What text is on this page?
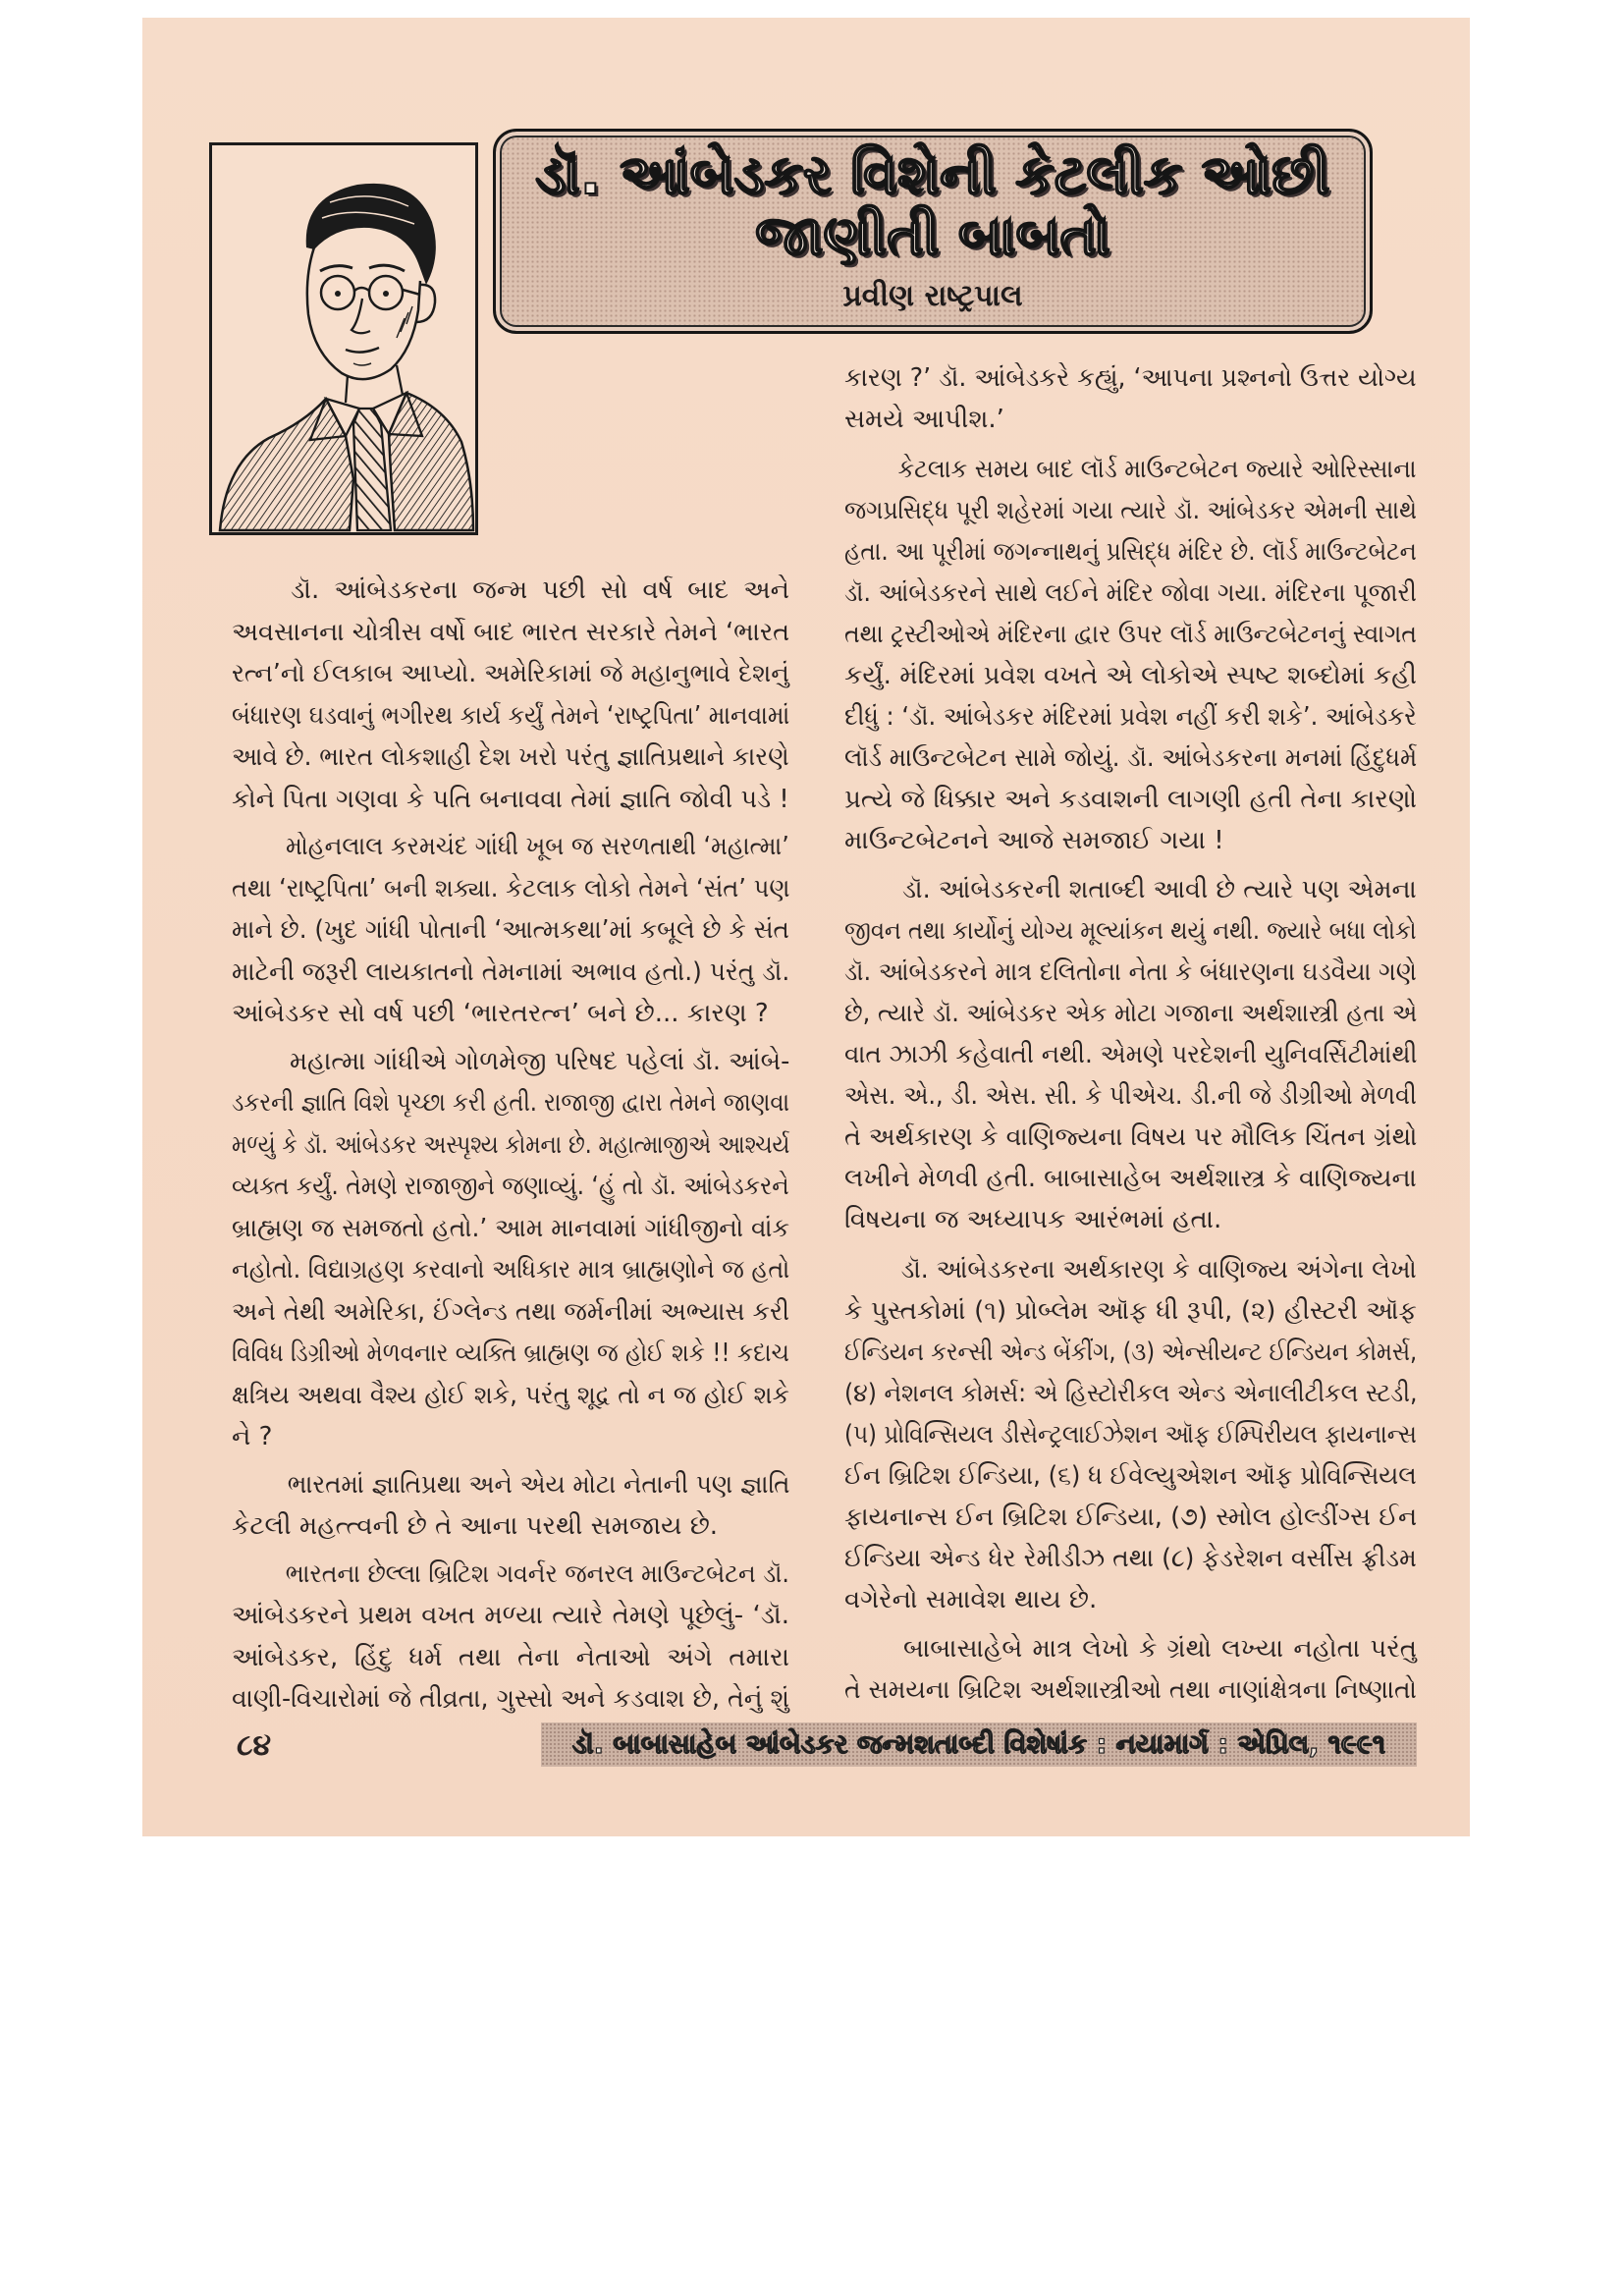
ડૉ. આંબેડકર વિશેની કેટલીક ઓછી
જાણીતી બાબતો
પ્રવીણ રાષ્ટ્રપાલ
ડૉ. આંબેડકરના જન્મ પછી સો વર્ષ બાદ અને
અવસાનના ચોત્રીસ વર્ષો બાદ ભારત સરકારે તેમને ‘ભારત
રત્ન’નો ઈલકાબ આપ્યો. અમેરિકામાં જે મહાનુભાવે દેશનું
બંધારણ ઘડવાનું ભગીરથ કાર્ય કર્યું તેમને ‘રાષ્ટ્રપિતા’ માનવામાં
આવે છે. ભારત લોકશાહી દેશ ખરો પરંતુ જ્ઞાતિપ્રથાને કારણે
કોને પિતા ગણવા કે પતિ બનાવવા તેમાં જ્ઞાતિ જોવી પડે !
મોહનલાલ કરમચંદ ગાંધી ખૂબ જ સરળતાથી ‘મહાત્મા’
તથા ‘રાષ્ટ્રપિતા’ બની શક્યા. કેટલાક લોકો તેમને ‘સંત’ પણ
માને છે. (ખુદ ગાંધી પોતાની ‘આત્મકથા’માં કબૂલે છે કે સંત
માટેની જરૂરી લાયકાતનો તેમનામાં અભાવ હતો.) પરંતુ ડૉ.
આંબેડકર સો વર્ષ પછી ‘ભારતરત્ન’ બને છે... કારણ ?
મહાત્મા ગાંધીએ ગોળમેજી પરિષદ પહેલાં ડૉ. આંબે-
ડકરની જ્ઞાતિ વિશે પૃચ્છા કરી હતી. રાજાજી દ્વારા તેમને જાણવા
મળ્યું કે ડૉ. આંબેડકર અસ્પૃશ્ય કોમના છે. મહાત્માજીએ આશ્ચર્ય
વ્યક્ત કર્યું. તેમણે રાજાજીને જણાવ્યું. ‘હું તો ડૉ. આંબેડકરને
બ્રાહ્મણ જ સમજતો હતો.’ આમ માનવામાં ગાંધીજીનો વાંક
નહોતો. વિદ્યાગ્રહણ કરવાનો અધિકાર માત્ર બ્રાહ્મણોને જ હતો
અને તેથી અમેરિકા, ઈંગ્લેન્ડ તથા જર્મનીમાં અભ્યાસ કરી
વિવિધ ડિગ્રીઓ મેળવનાર વ્યક્તિ બ્રાહ્મણ જ હોઈ શકે !! કદાચ
ક્ષત્રિય અથવા વૈશ્ય હોઈ શકે, પરંતુ શૂદ્ર તો ન જ હોઈ શકે
ને ?
ભારતમાં જ્ઞાતિપ્રથા અને એય મોટા નેતાની પણ જ્ઞાતિ
કેટલી મહત્ત્વની છે તે આના પરથી સમજાય છે.
ભારતના છેલ્લા બ્રિટિશ ગવર્નર જનરલ માઉન્ટબેટન ડૉ.
આંબેડકરને પ્રથમ વખત મળ્યા ત્યારે તેમણે પૂછેલું- ‘ડૉ.
આંબેડકર, હિંદુ ધર્મ તથા તેના નેતાઓ અંગે તમારા
વાણી-વિચારોમાં જે તીવ્રતા, ગુસ્સો અને કડવાશ છે, તેનું શું
કારણ ?’ ડૉ. આંબેડકરે કહ્યું, ‘આપના પ્રશ્નનો ઉત્તર યોગ્ય
સમયે આપીશ.’
કેટલાક સમય બાદ લૉર્ડ માઉન્ટબેટન જ્યારે ઓરિસ્સાના
જગપ્રસિદ્ધ પૂરી શહેરમાં ગયા ત્યારે ડૉ. આંબેડકર એમની સાથે
હતા. આ પૂરીમાં જગન્નાથનું પ્રસિદ્ધ મંદિર છે. લૉર્ડ માઉન્ટબેટન
ડૉ. આંબેડકરને સાથે લઈને મંદિર જોવા ગયા. મંદિરના પૂજારી
તથા ટ્રસ્ટીઓએ મંદિરના દ્વાર ઉપર લૉર્ડ માઉન્ટબેટનનું સ્વાગત
કર્યું. મંદિરમાં પ્રવેશ વખતે એ લોકોએ સ્પષ્ટ શબ્દોમાં કહી
દીધું : ‘ડૉ. આંબેડકર મંદિરમાં પ્રવેશ નહીં કરી શકે’. આંબેડકરે
લૉર્ડ માઉન્ટબેટન સામે જોયું. ડૉ. આંબેડકરના મનમાં હિંદુધર્મ
પ્રત્યે જે ધિક્કાર અને કડવાશની લાગણી હતી તેના કારણો
માઉન્ટબેટનને આજે સમજાઈ ગયા !
ડૉ. આંબેડકરની શતાબ્દી આવી છે ત્યારે પણ એમના
જીવન તથા કાર્યોનું યોગ્ય મૂલ્યાંકન થયું નથી. જ્યારે બધા લોકો
ડૉ. આંબેડકરને માત્ર દલિતોના નેતા કે બંધારણના ઘડવૈયા ગણે
છે, ત્યારે ડૉ. આંબેડકર એક મોટા ગજાના અર્થશાસ્ત્રી હતા એ
વાત ઝાઝી કહેવાતી નથી. એમણે પરદેશની યુનિવર્સિટીમાંથી
એસ. એ., ડી. એસ. સી. કે પીએચ. ડી.ની જે ડીગ્રીઓ મેળવી
તે અર્થકારણ કે વાણિજ્યના વિષય પર મૌલિક ચિંતન ગ્રંથો
લખીને મેળવી હતી. બાબાસાહેબ અર્થશાસ્ત્ર કે વાણિજ્યના
વિષયના જ અધ્યાપક આરંભમાં હતા.
ડૉ. આંબેડકરના અર્થકારણ કે વાણિજ્ય અંગેના લેખો
કે પુસ્તકોમાં (૧) પ્રોબ્લેમ ઑફ ધી રૂપી, (૨) હીસ્ટરી ઑફ
ઈન્ડિયન કરન્સી એન્ડ બેંકીંગ, (૩) એન્સીયન્ટ ઈન્ડિયન કોમર્સ,
(૪) નેશનલ કોમર્સ: એ હિસ્ટોરીકલ એન્ડ એનાલીટીકલ સ્ટડી,
(૫) પ્રોવિન્સિયલ ડીસેન્ટ્રલાઈઝેશન ઑફ ઈમ્પિરીયલ ફાયનાન્સ
ઈન બ્રિટિશ ઈન્ડિયા, (૬) ધ ઈવેલ્યુએશન ઑફ પ્રોવિન્સિયલ
ફાયનાન્સ ઈન બ્રિટિશ ઈન્ડિયા, (૭) સ્મોલ હોલ્ડીંગ્સ ઈન
ઈન્ડિયા એન્ડ ધેર રેમીડીઝ તથા (૮) ફેડરેશન વર્સીસ ફ્રીડમ
વગેરેનો સમાવેશ થાય છે.
બાબાસાહેબે માત્ર લેખો કે ગ્રંથો લખ્યા નહોતા પરંતુ
તે સમયના બ્રિટિશ અર્થશાસ્ત્રીઓ તથા નાણાંક્ષેત્રના નિષ્ણાતો
૮૪	ડૉ. બાબાસાહેબ આંબેડકર જન્મશતાબ્દી વિશેષાંક : નયામાર્ગ : એપ્રિલ, ૧૯૯૧
